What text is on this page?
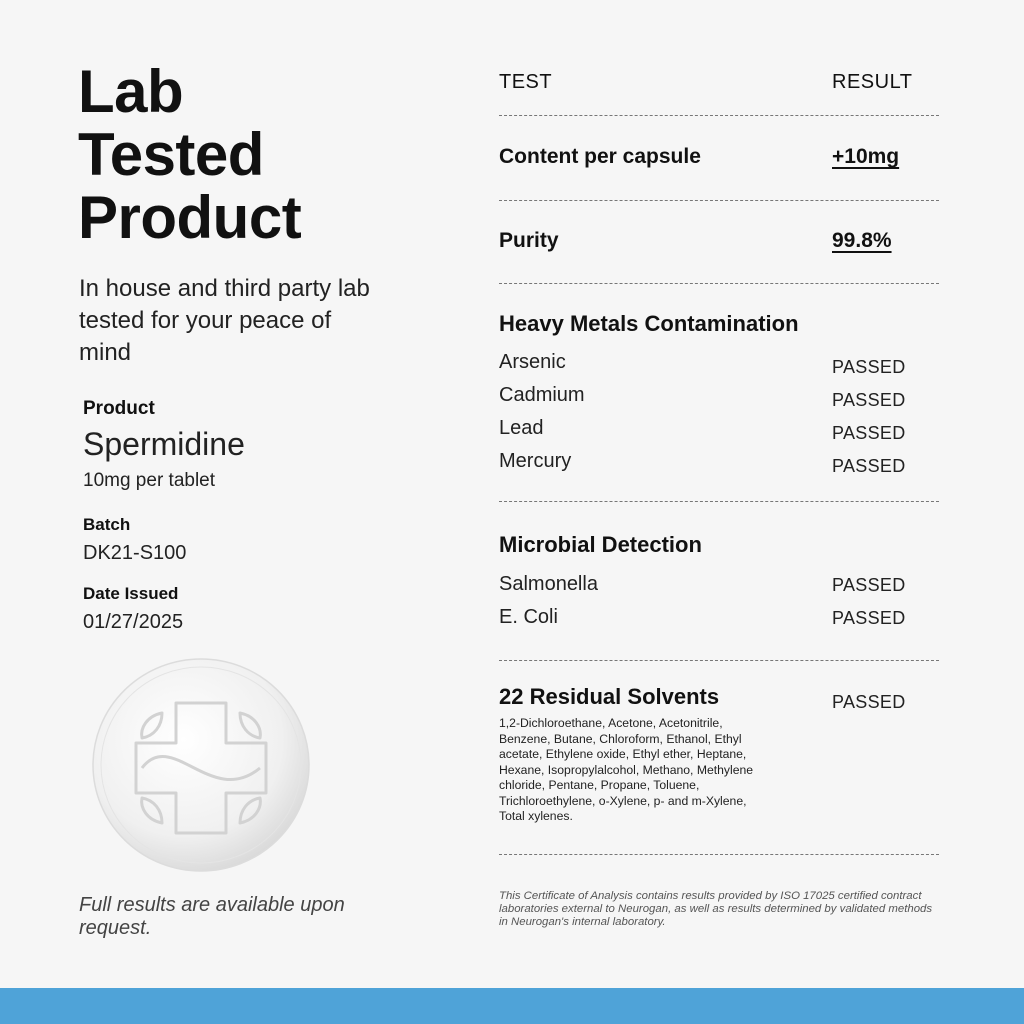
Lab
Tested
Product
In house and third party lab tested for your peace of mind
Product
Spermidine
10mg per tablet
Batch
DK21-S100
Date Issued
01/27/2025
Full results are available upon request.
TEST	RESULT
Content per capsule	+10mg
Purity	99.8%
Heavy Metals Contamination
Arsenic	PASSED
Cadmium	PASSED
Lead	PASSED
Mercury	PASSED
Microbial Detection
Salmonella	PASSED
E. Coli	PASSED
22 Residual Solvents	PASSED
1,2-Dichloroethane, Acetone, Acetonitrile, Benzene, Butane, Chloroform, Ethanol, Ethyl acetate, Ethylene oxide, Ethyl ether, Heptane, Hexane, Isopropylalcohol, Methano, Methylene chloride, Pentane, Propane, Toluene, Trichloroethylene, o-Xylene, p- and m-Xylene, Total xylenes.
This Certificate of Analysis contains results provided by ISO 17025 certified contract laboratories external to Neurogan, as well as results determined by validated methods in Neurogan's internal laboratory.
